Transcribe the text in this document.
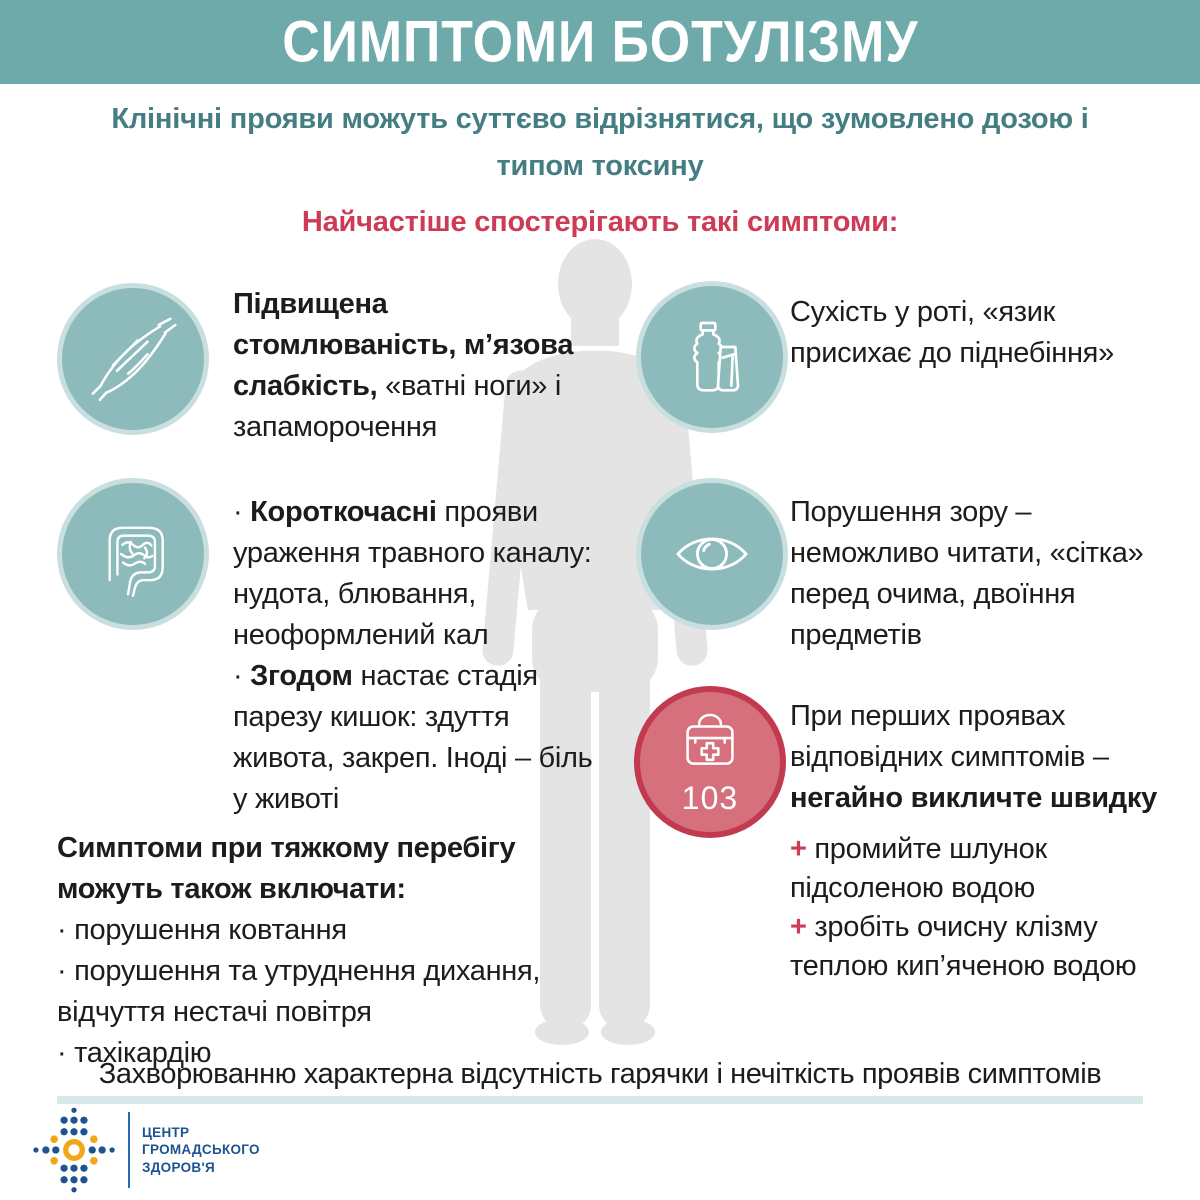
СИМПТОМИ БОТУЛІЗМУ
Клінічні прояви можуть суттєво відрізнятися, що зумовлено дозою і типом токсину
Найчастіше спостерігають такі симптоми:
Підвищена стомлюваність, м’язова слабкість, «ватні ноги» і запаморочення
· Короткочасні прояви ураження травного каналу: нудота, блювання, неоформлений кал
· Згодом настає стадія парезу кишок: здуття живота, закреп. Іноді – біль у животі
Симптоми при тяжкому перебігу можуть також включати:
· порушення ковтання
· порушення та утруднення дихання, відчуття нестачі повітря
· тахікардію
Сухість у роті, «язик присихає до піднебіння»
Порушення зору – неможливо читати, «сітка» перед очима, двоїння предметів
103
При перших проявах відповідних симптомів – негайно викличте швидку
+ промийте шлунок підсоленою водою
+ зробіть очисну клізму теплою кип’яченою водою
Захворюванню характерна відсутність гарячки і нечіткість проявів симптомів
ЦЕНТР
ГРОМАДСЬКОГО
ЗДОРОВ'Я
